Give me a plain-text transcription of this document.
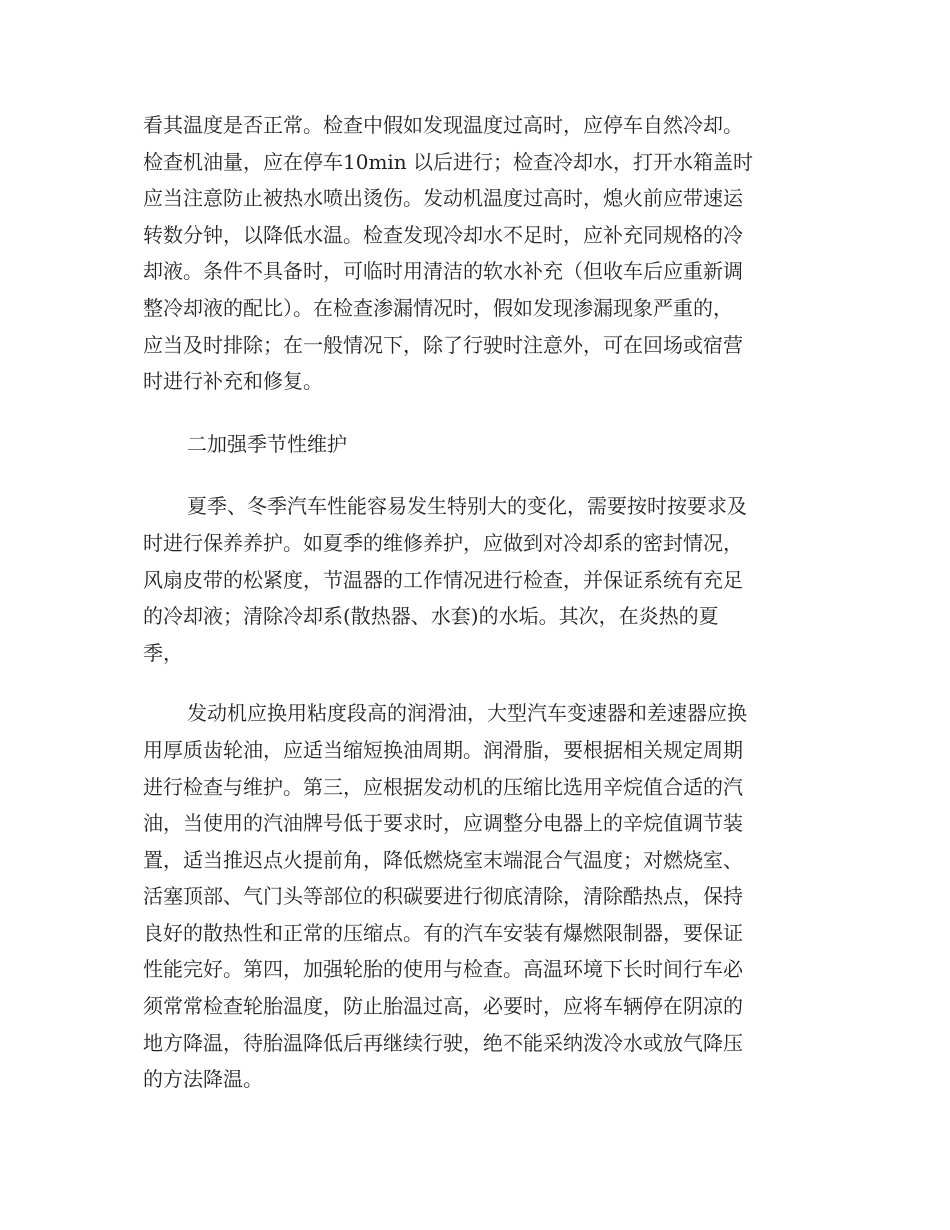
看其温度是否正常。检查中假如发现温度过高时，应停车自然冷却。
检查机油量，应在停车10min 以后进行；检查冷却水，打开水箱盖时
应当注意防止被热水喷出烫伤。发动机温度过高时，熄火前应带速运
转数分钟，以降低水温。检查发现冷却水不足时，应补充同规格的冷
却液。条件不具备时，可临时用清洁的软水补充（但收车后应重新调
整冷却液的配比）。在检查渗漏情况时，假如发现渗漏现象严重的，
应当及时排除；在一般情况下，除了行驶时注意外，可在回场或宿营
时进行补充和修复。
二加强季节性维护
夏季、冬季汽车性能容易发生特别大的变化，需要按时按要求及
时进行保养养护。如夏季的维修养护，应做到对冷却系的密封情况，
风扇皮带的松紧度，节温器的工作情况进行检查，并保证系统有充足
的冷却液；清除冷却系(散热器、水套)的水垢。其次，在炎热的夏
季，
发动机应换用粘度段高的润滑油，大型汽车变速器和差速器应换
用厚质齿轮油，应适当缩短换油周期。润滑脂，要根据相关规定周期
进行检查与维护。第三，应根据发动机的压缩比选用辛烷值合适的汽
油，当使用的汽油牌号低于要求时，应调整分电器上的辛烷值调节装
置，适当推迟点火提前角，降低燃烧室末端混合气温度；对燃烧室、
活塞顶部、气门头等部位的积碳要进行彻底清除，清除酷热点，保持
良好的散热性和正常的压缩点。有的汽车安装有爆燃限制器，要保证
性能完好。第四，加强轮胎的使用与检查。高温环境下长时间行车必
须常常检查轮胎温度，防止胎温过高，必要时，应将车辆停在阴凉的
地方降温，待胎温降低后再继续行驶，绝不能采纳泼冷水或放气降压
的方法降温。
